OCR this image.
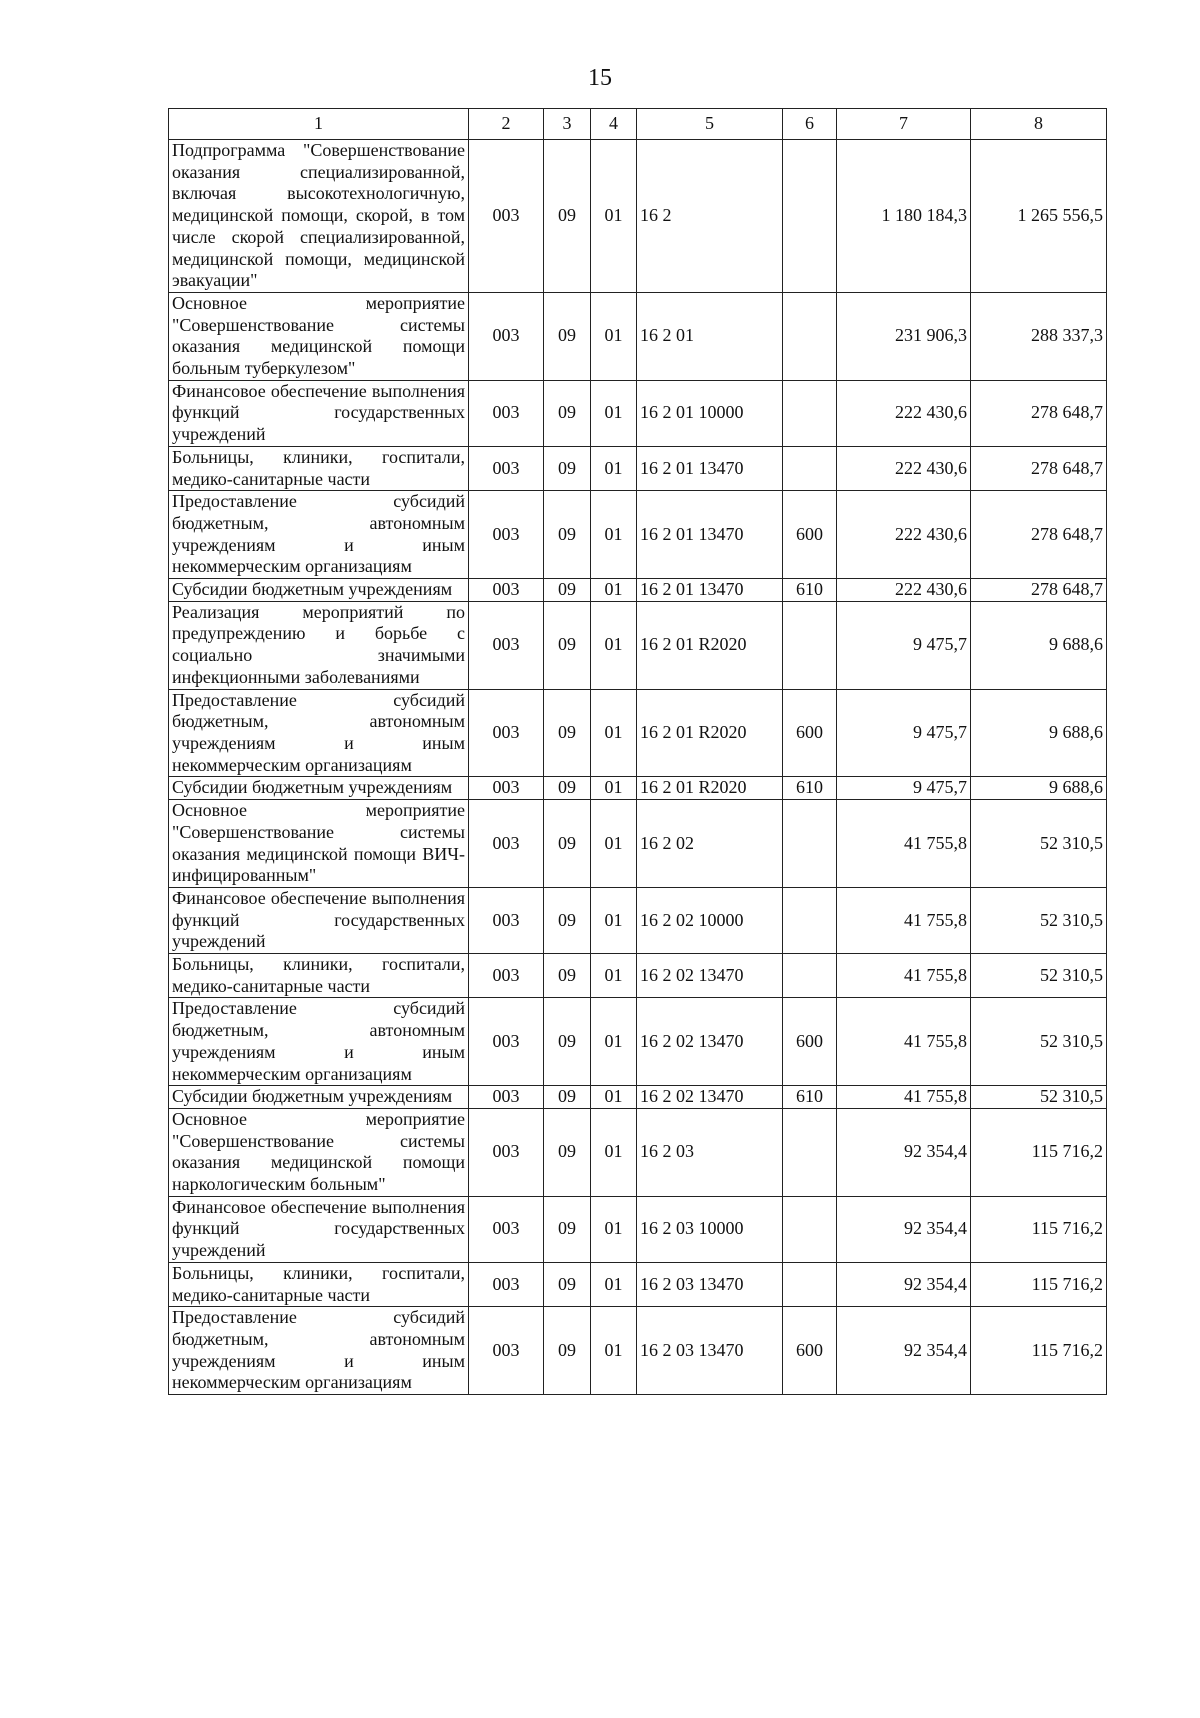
15
1	2	3	4	5	6	7	8
Подпрограмма "Совершенствование оказания специализированной, включая высокотехнологичную, медицинской помощи, скорой, в том числе скорой специализированной, медицинской помощи, медицинской эвакуации"	003	09	01	16 2		1 180 184,3	1 265 556,5
Основное мероприятие "Совершенствование системы оказания медицинской помощи больным туберкулезом"	003	09	01	16 2 01		231 906,3	288 337,3
Финансовое обеспечение выполнения функций государственных учреждений	003	09	01	16 2 01 10000		222 430,6	278 648,7
Больницы, клиники, госпитали, медико-санитарные части	003	09	01	16 2 01 13470		222 430,6	278 648,7
Предоставление субсидий бюджетным, автономным учреждениям и иным некоммерческим организациям	003	09	01	16 2 01 13470	600	222 430,6	278 648,7
Субсидии бюджетным учреждениям	003	09	01	16 2 01 13470	610	222 430,6	278 648,7
Реализация мероприятий по предупреждению и борьбе с социально значимыми инфекционными заболеваниями	003	09	01	16 2 01 R2020		9 475,7	9 688,6
Предоставление субсидий бюджетным, автономным учреждениям и иным некоммерческим организациям	003	09	01	16 2 01 R2020	600	9 475,7	9 688,6
Субсидии бюджетным учреждениям	003	09	01	16 2 01 R2020	610	9 475,7	9 688,6
Основное мероприятие "Совершенствование системы оказания медицинской помощи ВИЧ-инфицированным"	003	09	01	16 2 02		41 755,8	52 310,5
Финансовое обеспечение выполнения функций государственных учреждений	003	09	01	16 2 02 10000		41 755,8	52 310,5
Больницы, клиники, госпитали, медико-санитарные части	003	09	01	16 2 02 13470		41 755,8	52 310,5
Предоставление субсидий бюджетным, автономным учреждениям и иным некоммерческим организациям	003	09	01	16 2 02 13470	600	41 755,8	52 310,5
Субсидии бюджетным учреждениям	003	09	01	16 2 02 13470	610	41 755,8	52 310,5
Основное мероприятие "Совершенствование системы оказания медицинской помощи наркологическим больным"	003	09	01	16 2 03		92 354,4	115 716,2
Финансовое обеспечение выполнения функций государственных учреждений	003	09	01	16 2 03 10000		92 354,4	115 716,2
Больницы, клиники, госпитали, медико-санитарные части	003	09	01	16 2 03 13470		92 354,4	115 716,2
Предоставление субсидий бюджетным, автономным учреждениям и иным некоммерческим организациям	003	09	01	16 2 03 13470	600	92 354,4	115 716,2
